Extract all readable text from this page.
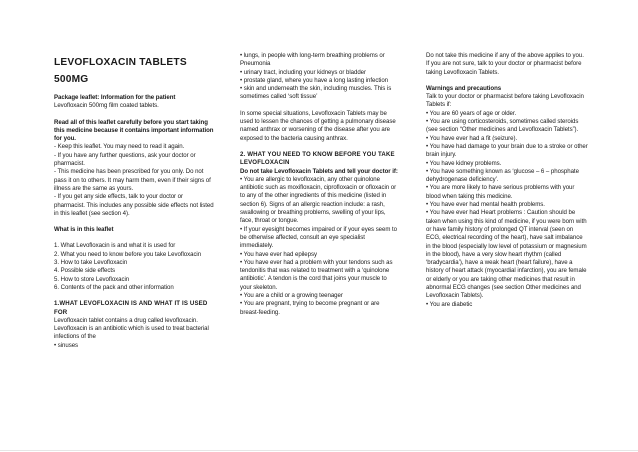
LEVOFLOXACIN TABLETS

500MG

Package leaflet: Information for the patient

Levofloxacin 500mg film coated tablets.

Read all of this leaflet carefully before you start taking this medicine because it contains important information for you.

- Keep this leaflet. You may need to read it again.

- If you have any further questions, ask your doctor or pharmacist.

- This medicine has been prescribed for you only. Do not pass it on to others. It may harm them, even if their signs of illness are the same as yours.

- If you get any side effects, talk to your doctor or pharmacist. This includes any possible side effects not listed in this leaflet (see section 4).

What is in this leaflet

1. What Levofloxacin is and what it is used for

2. What you need to know before you take Levofloxacin

3. How to take Levofloxacin

4. Possible side effects

5. How to store Levofloxacin

6. Contents of the pack and other information

1.WHAT LEVOFLOXACIN IS AND WHAT IT IS USED FOR

Levofloxacin tablet contains a drug called levofloxacin. Levofloxacin is an antibiotic which is used to treat bacterial infections of the

• sinuses

• lungs, in people with long-term breathing problems or Pneumonia

• urinary tract, including your kidneys or bladder

• prostate gland, where you have a long lasting infection

• skin and underneath the skin, including muscles. This is sometimes called ‘soft tissue’

In some special situations, Levofloxacin Tablets may be used to lessen the chances of getting a pulmonary disease named anthrax or worsening of the disease after you are exposed to the bacteria causing anthrax.

2. WHAT YOU NEED TO KNOW BEFORE YOU TAKE LEVOFLOXACIN

Do not take Levofloxacin Tablets and tell your doctor if:

• You are allergic to levofloxacin, any other quinolone antibiotic such as moxifloxacin, ciprofloxacin or ofloxacin or to any of the other ingredients of this medicine (listed in section 6). Signs of an allergic reaction include: a rash, swallowing or breathing problems, swelling of your lips, face, throat or tongue.

• If your eyesight becomes impaired or if your eyes seem to be otherwise affected, consult an eye specialist immediately.

• You have ever had epilepsy

• You have ever had a problem with your tendons such as tendonitis that was related to treatment with a ‘quinolone antibiotic’. A tendon is the cord that joins your muscle to your skeleton.

• You are a child or a growing teenager

• You are pregnant, trying to become pregnant or are breast-feeding.

Do not take this medicine if any of the above applies to you. If you are not sure, talk to your doctor or pharmacist before taking Levofloxacin Tablets.

Warnings and precautions

Talk to your doctor or pharmacist before taking Levofloxacin Tablets if:

• You are 60 years of age or older.

• You are using corticosteroids, sometimes called steroids (see section “Other medicines and Levofloxacin Tablets”).

• You have ever had a fit (seizure).

• You have had damage to your brain due to a stroke or other brain injury.

• You have kidney problems.

• You have something known as ‘glucose – 6 – phosphate dehydrogenase deficiency’.

• You are more likely to have serious problems with your blood when taking this medicine.

• You have ever had mental health problems.

• You have ever had Heart problems : Caution should be taken when using this kind of medicine, if you were born with or have family history of prolonged QT interval (seen on ECG, electrical recording of the heart), have salt imbalance in the blood (especially low level of potassium or magnesium in the blood), have a very slow heart rhythm (called ‘bradycardia’), have a weak heart (heart failure), have a history of heart attack (myocardial infarction), you are female or elderly or you are taking other medicines that result in abnormal ECG changes (see section Other medicines and Levofloxacin Tablets).

• You are diabetic
